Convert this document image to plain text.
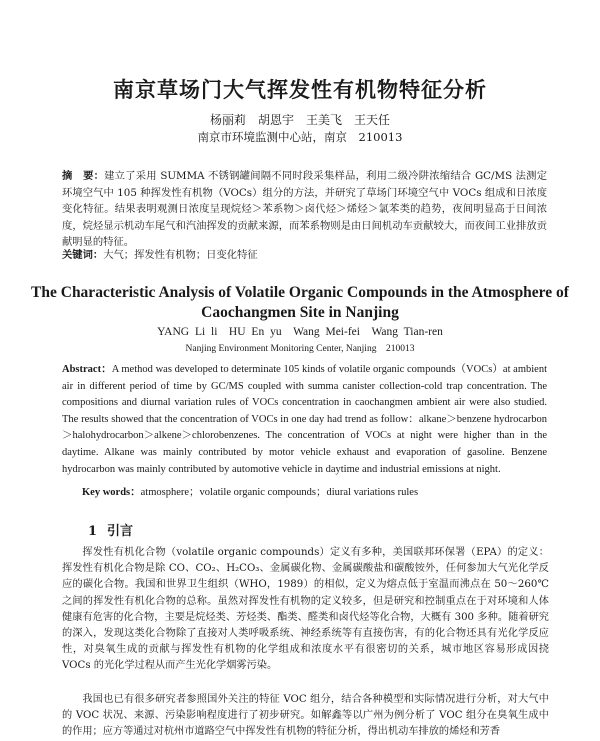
南京草场门大气挥发性有机物特征分析
杨丽莉　胡恩宇　王美飞　王天任
南京市环境监测中心站，南京　210013
摘　要：建立了采用 SUMMA 不锈钢罐间隔不同时段采集样品，利用二级冷阱浓缩结合 GC/MS 法测定环境空气中 105 种挥发性有机物（VOCs）组分的方法，并研究了草场门环境空气中 VOCs 组成和日浓度变化特征。结果表明观测日浓度呈现烷烃＞苯系物＞卤代烃＞烯烃＞氯苯类的趋势，夜间明显高于日间浓度，烷烃显示机动车尾气和汽油挥发的贡献来源，而苯系物则是由日间机动车贡献较大，而夜间工业排放贡献明显的特征。
关键词：大气；挥发性有机物；日变化特征
The Characteristic Analysis of Volatile Organic Compounds in the Atmosphere of Caochangmen Site in Nanjing
YANG Li li　HU En yu　Wang Mei-fei　Wang Tian-ren
Nanjing Environment Monitoring Center, Nanjing　210013
Abstract：A method was developed to determinate 105 kinds of volatile organic compounds（VOCs）at ambient air in different period of time by GC/MS coupled with summa canister collection-cold trap concentration. The compositions and diurnal variation rules of VOCs concentration in caochangmen ambient air were also studied. The results showed that the concentration of VOCs in one day had trend as follow：alkane＞benzene hydrocarbon＞halohydrocarbon＞alkene＞chlorobenzenes. The concentration of VOCs at night were higher than in the daytime. Alkane was mainly contributed by motor vehicle exhaust and evaporation of gasoline. Benzene hydrocarbon was mainly contributed by automotive vehicle in daytime and industrial emissions at night.
Key words：atmosphere；volatile organic compounds；diural variations rules
1 引言
挥发性有机化合物（volatile organic compounds）定义有多种，美国联邦环保署（EPA）的定义：挥发性有机化合物是除 CO、CO₂、H₂CO₃、金属碳化物、金属碳酸盐和碳酸铵外，任何参加大气光化学反应的碳化合物。我国和世界卫生组织（WHO，1989）的相似，定义为熔点低于室温而沸点在 50～260℃之间的挥发性有机化合物的总称。虽然对挥发性有机物的定义较多，但是研究和控制重点在于对环境和人体健康有危害的化合物，主要是烷烃类、芳烃类、酯类、醛类和卤代烃等化合物，大概有 300 多种。随着研究的深入，发现这类化合物除了直接对人类呼吸系统、神经系统等有直接伤害，有的化合物还具有光化学反应性，对臭氧生成的贡献与挥发性有机物的化学组成和浓度水平有很密切的关系，城市地区容易形成因挠 VOCs 的光化学过程从而产生光化学烟雾污染。
我国也已有很多研究者参照国外关注的特征 VOC 组分，结合各种模型和实际情况进行分析，对大气中的 VOC 状况、来源、污染影响程度进行了初步研究。如解鑫等以广州为例分析了 VOC 组分在臭氧生成中的作用；应方等通过对杭州市道路空气中挥发性有机物的特征分析，得出机动车排放的烯烃和芳香
